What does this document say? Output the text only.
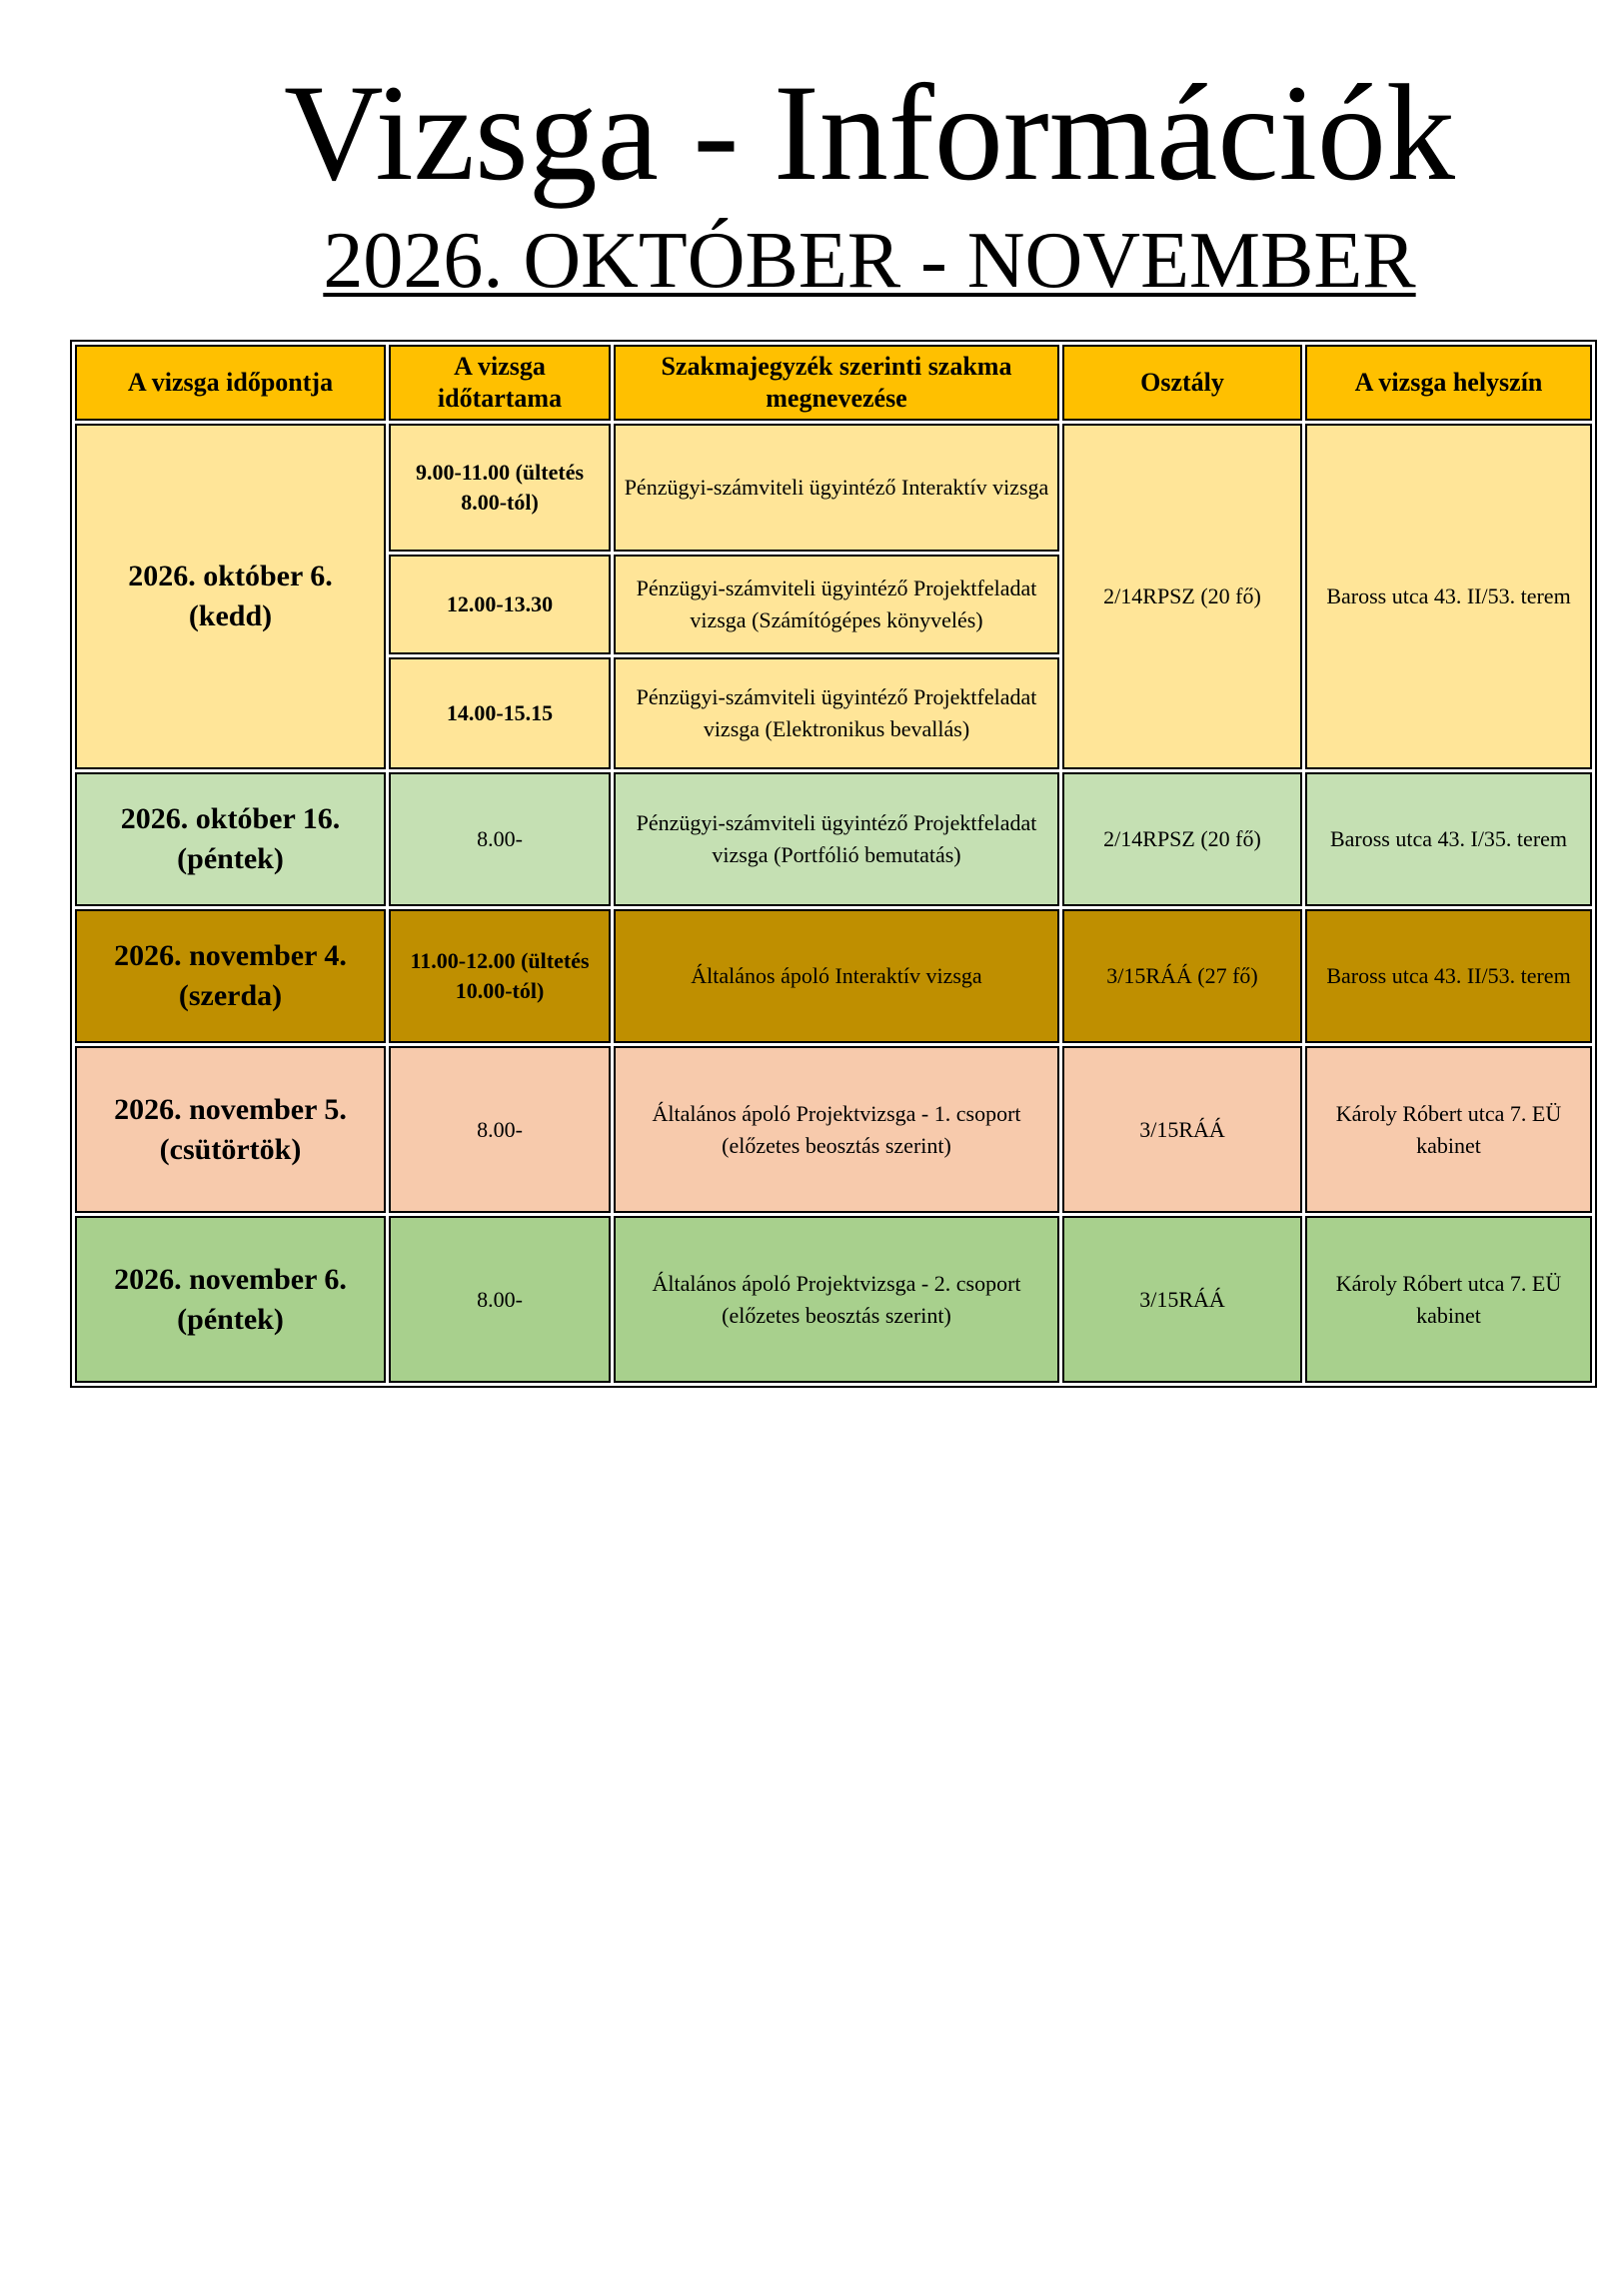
Vizsga - Információk
2026. OKTÓBER - NOVEMBER
A vizsga időpontja	A vizsga időtartama	Szakmajegyzék szerinti szakma megnevezése	Osztály	A vizsga helyszín

2026. október 6.
(kedd)	9.00-11.00 (ültetés 8.00-tól)	Pénzügyi-számviteli ügyintéző Interaktív vizsga	2/14RPSZ (20 fő)	Baross utca 43. II/53. terem
	12.00-13.30	Pénzügyi-számviteli ügyintéző Projektfeladat vizsga (Számítógépes könyvelés)		
	14.00-15.15	Pénzügyi-számviteli ügyintéző Projektfeladat vizsga (Elektronikus bevallás)		

2026. október 16.
(péntek)	8.00-	Pénzügyi-számviteli ügyintéző Projektfeladat vizsga (Portfólió bemutatás)	2/14RPSZ (20 fő)	Baross utca 43. I/35. terem

2026. november 4.
(szerda)	11.00-12.00 (ültetés 10.00-tól)	Általános ápoló Interaktív vizsga	3/15RÁÁ (27 fő)	Baross utca 43. II/53. terem

2026. november 5.
(csütörtök)	8.00-	Általános ápoló Projektvizsga - 1. csoport (előzetes beosztás szerint)	3/15RÁÁ	Károly Róbert utca 7. EÜ kabinet

2026. november 6.
(péntek)	8.00-	Általános ápoló Projektvizsga - 2. csoport (előzetes beosztás szerint)	3/15RÁÁ	Károly Róbert utca 7. EÜ kabinet
